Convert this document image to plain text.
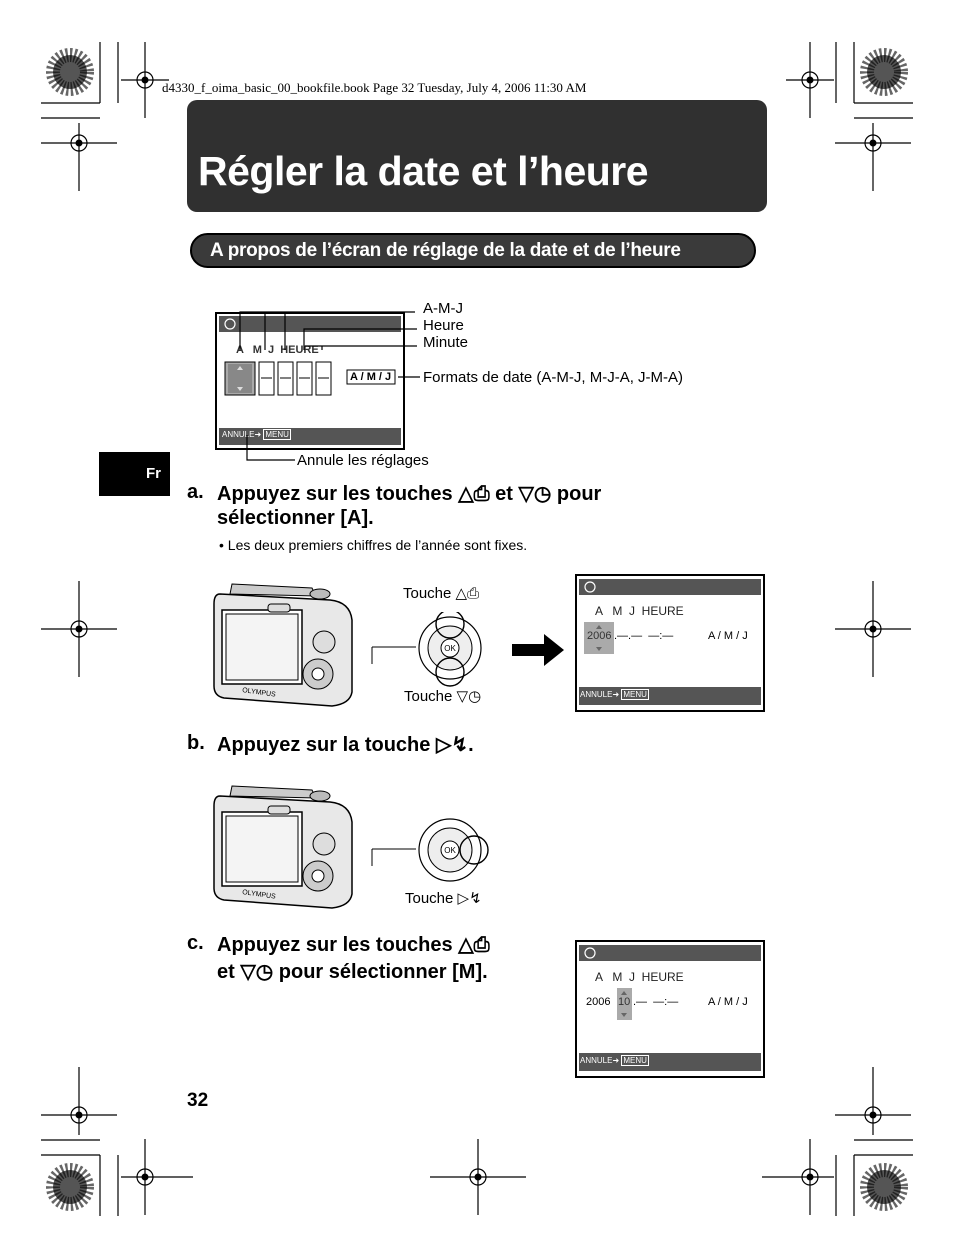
d4330_f_oima_basic_00_bookfile.book Page 32 Tuesday, July 4, 2006 11:30 AM
Régler la date et l’heure
A propos de l’écran de réglage de la date et de l’heure
Fr
A   M  J  HEURE
A / M / J
ANNULE➜ MENU
A-M-J
Heure
Minute
Formats de date (A-M-J, M-J-A, J-M-A)
Annule les réglages
a. Appuyez sur les touches △⎙ et ▽◷ pour
sélectionner [A].
• Les deux premiers chiffres de l’année sont fixes.
OLYMPUS
OK
Touche △⎙
Touche ▽◷
A   M  J  HEURE
2006 .—.—  —:—	A / M / J
ANNULE➜ MENU
b. Appuyez sur la touche ▷↯.
OLYMPUS
OK
Touche ▷↯
c. Appuyez sur les touches △⎙
et ▽◷ pour sélectionner [M].	A   M  J  HEURE
2006 10 .—  —:—	A / M / J
ANNULE➜ MENU
32
